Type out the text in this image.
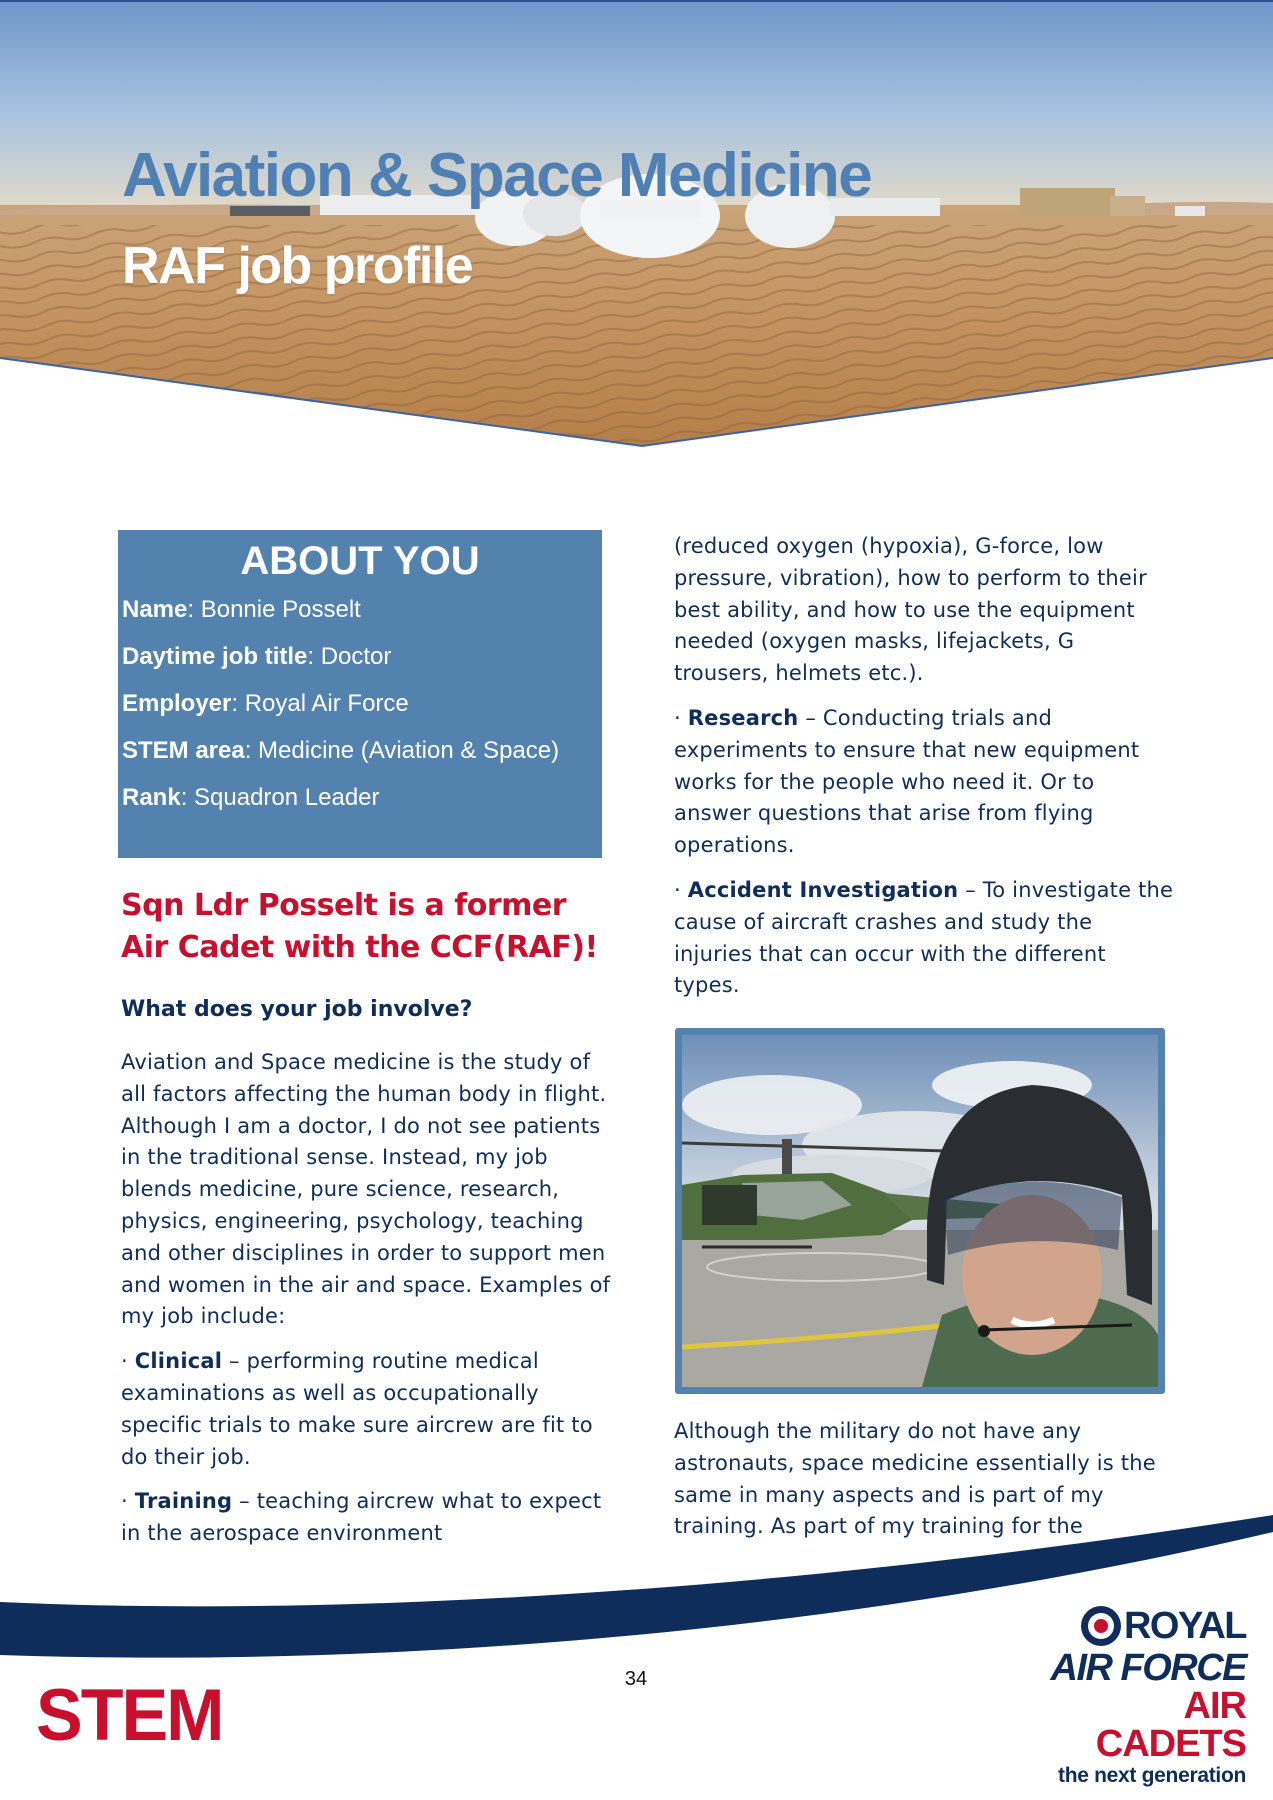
Aviation & Space Medicine
RAF job profile
ABOUT YOU
Name: Bonnie Posselt
Daytime job title: Doctor
Employer: Royal Air Force
STEM area: Medicine (Aviation & Space)
Rank: Squadron Leader
Sqn Ldr Posselt is a former Air Cadet with the CCF(RAF)!
What does your job involve?

Aviation and Space medicine is the study of all factors affecting the human body in flight. Although I am a doctor, I do not see patients in the traditional sense. Instead, my job blends medicine, pure science, research, physics, engineering, psychology, teaching and other disciplines in order to support men and women in the air and space. Examples of my job include:

· Clinical – performing routine medical examinations as well as occupationally specific trials to make sure aircrew are fit to do their job.

· Training – teaching aircrew what to expect in the aerospace environment

(reduced oxygen (hypoxia), G-force, low pressure, vibration), how to perform to their best ability, and how to use the equipment needed (oxygen masks, lifejackets, G trousers, helmets etc.).

· Research – Conducting trials and experiments to ensure that new equipment works for the people who need it. Or to answer questions that arise from flying operations.

· Accident Investigation – To investigate the cause of aircraft crashes and study the injuries that can occur with the different types.

Although the military do not have any astronauts, space medicine essentially is the same in many aspects and is part of my training. As part of my training for the

34
STEM
ROYAL
AIR FORCE
AIR CADETS
the next generation
